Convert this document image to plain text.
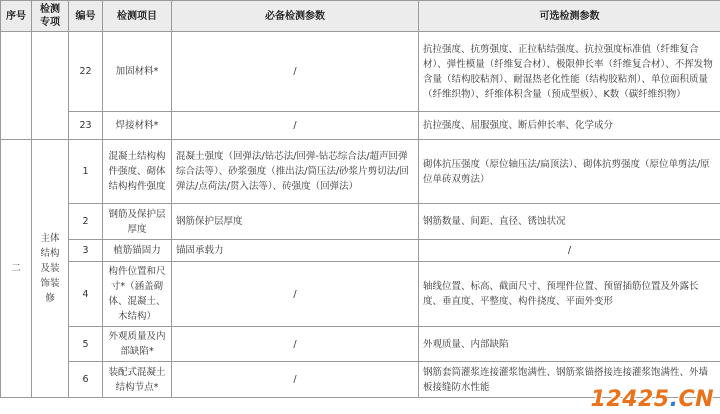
序号	检测专项	编号	检测项目	必备检测参数	可选检测参数
		22	加固材料*	/	抗拉强度、抗剪强度、正拉粘结强度、抗拉强度标准值（纤维复合材）、弹性模量（纤维复合材）、极限伸长率（纤维复合材）、不挥发物含量（结构胶粘剂）、耐湿热老化性能（结构胶粘剂）、单位面积质量（纤维织物）、纤维体积含量（预成型板）、K数（碳纤维织物）
		23	焊接材料*	/	抗拉强度、屈服强度、断后伸长率、化学成分
二	主体结构及装饰装修	1	混凝土结构构件强度、砌体结构构件强度	混凝土强度（回弹法/钻芯法/回弹-钻芯综合法/超声回弹综合法等）、砂浆强度（推出法/筒压法/砂浆片剪切法/回弹法/点荷法/贯入法等）、砖强度（回弹法）	砌体抗压强度（原位轴压法/扁顶法）、砌体抗剪强度（原位单剪法/原位单砖双剪法）
		2	钢筋及保护层厚度	钢筋保护层厚度	钢筋数量、间距、直径、锈蚀状况
		3	植筋锚固力	锚固承载力	/
		4	构件位置和尺寸*（涵盖砌体、混凝土、木结构）	/	轴线位置、标高、截面尺寸、预埋件位置、预留插筋位置及外露长度、垂直度、平整度、构件挠度、平面外变形
		5	外观质量及内部缺陷*	/	外观质量、内部缺陷
		6	装配式混凝土结构节点*	/	钢筋套筒灌浆连接灌浆饱满性、钢筋浆锚搭接连接灌浆饱满性、外墙板接缝防水性能	12425.CN
